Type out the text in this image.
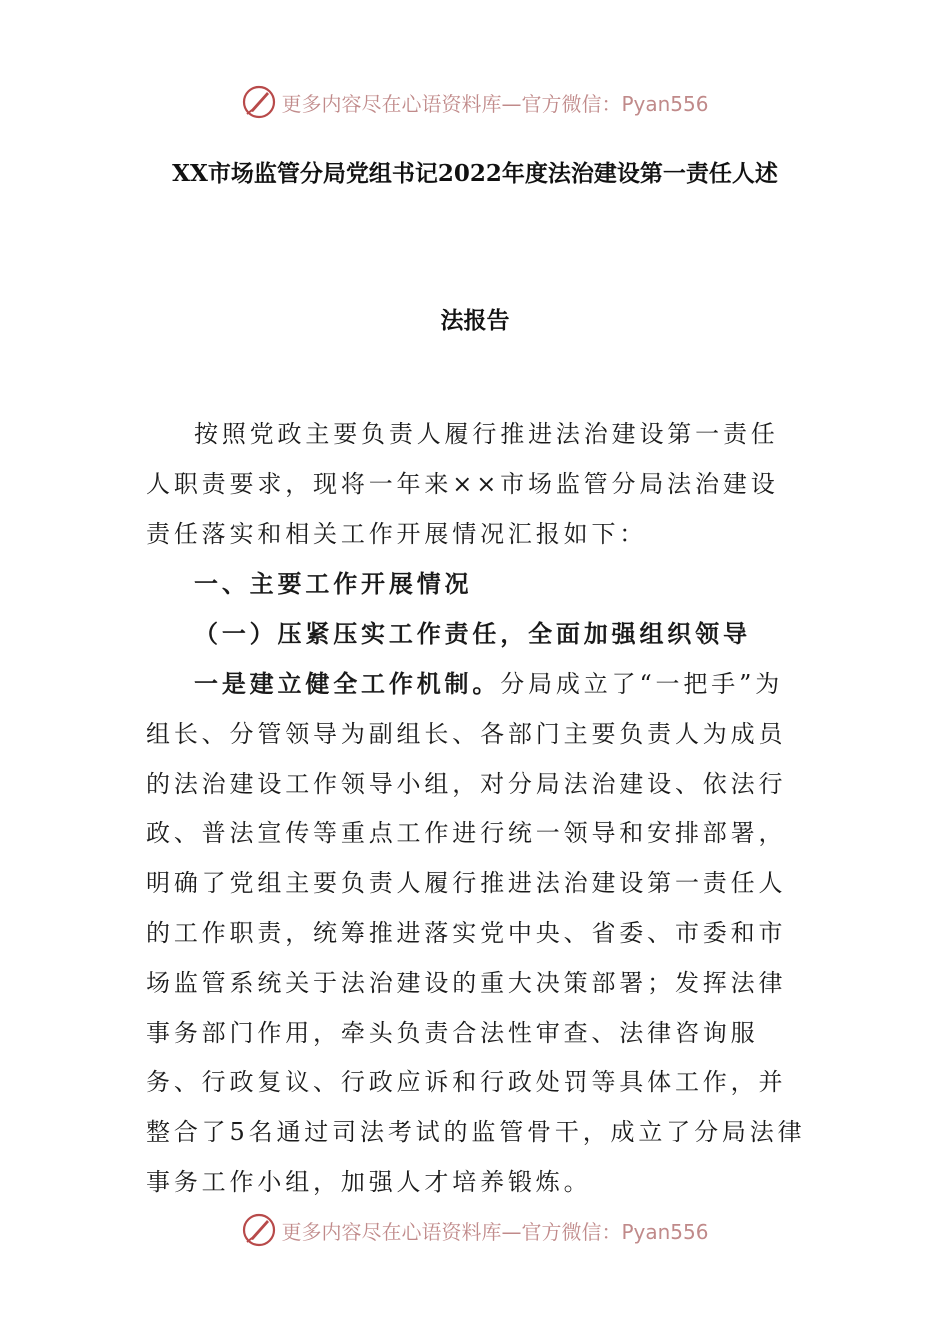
更多内容尽在心语资料库—官方微信：Pyan556
XX市场监管分局党组书记2022年度法治建设第一责任人述
法报告

按照党政主要负责人履行推进法治建设第一责任人职责要求，现将一年来××市场监管分局法治建设责任落实和相关工作开展情况汇报如下：

一、主要工作开展情况

（一）压紧压实工作责任，全面加强组织领导

一是建立健全工作机制。分局成立了“一把手”为组长、分管领导为副组长、各部门主要负责人为成员的法治建设工作领导小组，对分局法治建设、依法行政、普法宣传等重点工作进行统一领导和安排部署，明确了党组主要负责人履行推进法治建设第一责任人的工作职责，统筹推进落实党中央、省委、市委和市场监管系统关于法治建设的重大决策部署；发挥法律事务部门作用，牵头负责合法性审查、法律咨询服务、行政复议、行政应诉和行政处罚等具体工作，并整合了5名通过司法考试的监管骨干，成立了分局法律事务工作小组，加强人才培养锻炼。

更多内容尽在心语资料库—官方微信：Pyan556
